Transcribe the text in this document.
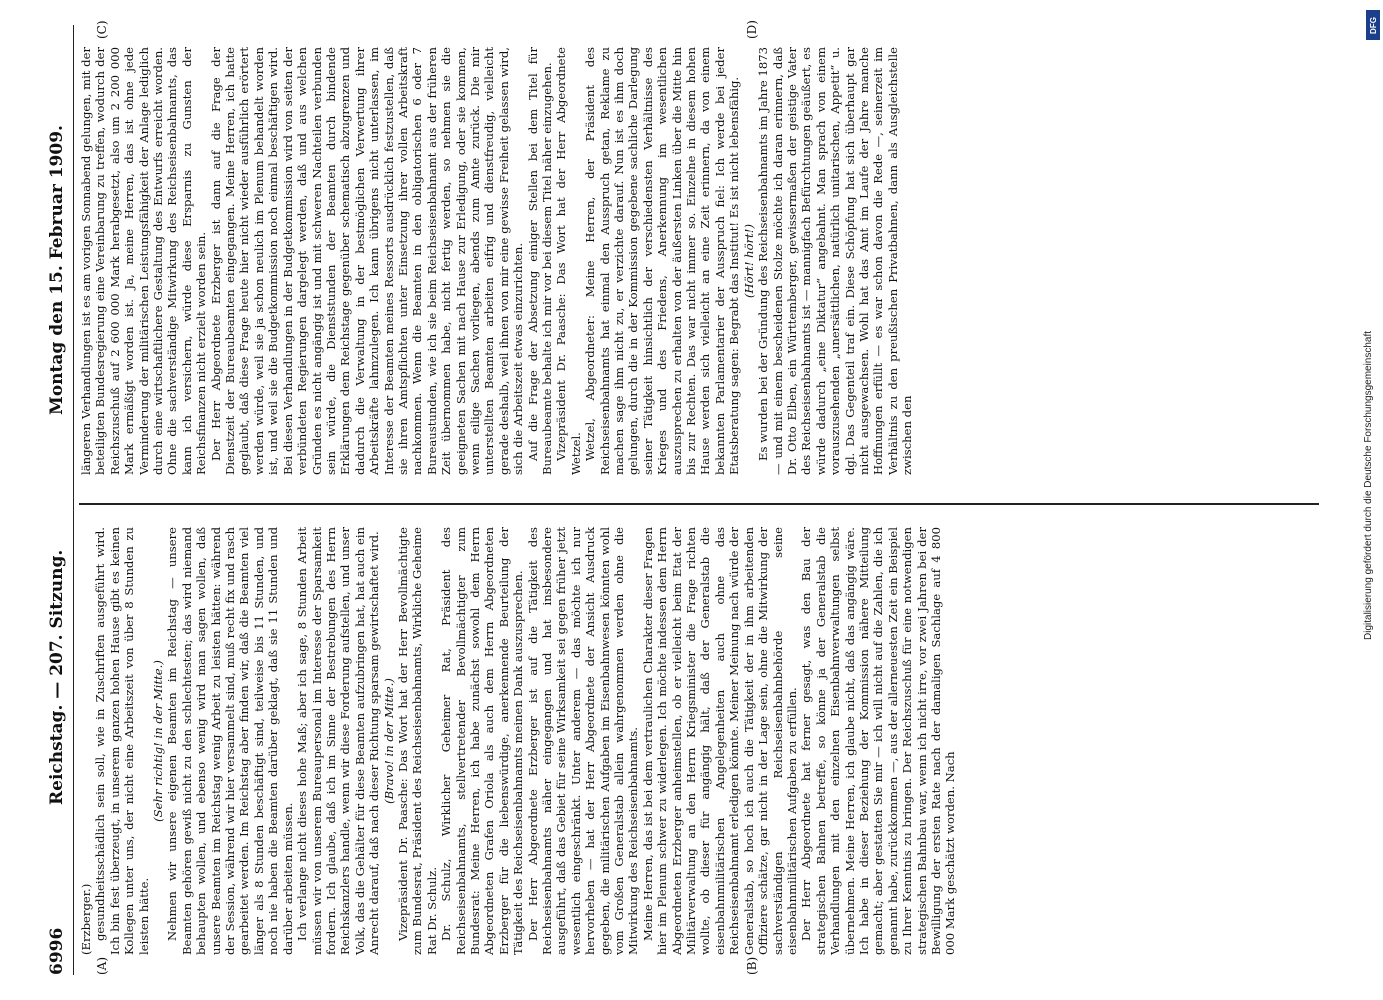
6996
Reichstag. — 207. Sitzung.
Montag den 15. Februar 1909.

(Erzberger.) gesundheitsschädlich sein soll, wie in Zuschriften ausgeführt wird. Ich bin fest überzeugt, in unserem ganzen hohen Hause gibt es keinen Kollegen unter uns, der nicht eine Arbeitszeit von über 8 Stunden zu leisten hätte.

(Sehr richtig! in der Mitte.) Nehmen wir unsere eigenen Beamten im Reichstag — unsere Beamten gehören gewiß nicht zu den schlechtesten; das wird niemand behaupten wollen, und ebenso wenig wird man sagen wollen, daß unsere Beamten im Reichstag wenig Arbeit zu leisten hätten: während der Session, während wir hier versammelt sind, muß recht fix und rasch gearbeitet werden. Im Reichstag aber finden wir, daß die Beamten viel länger als 8 Stunden beschäftigt sind, teilweise bis 11 Stunden, und noch nie haben die Beamten darüber geklagt, daß sie 11 Stunden und darüber arbeiten müssen. Ich verlange nicht dieses hohe Maß; aber ich sage, 8 Stunden Arbeit müssen wir von unserem Bureaupersonal im Interesse der Sparsamkeit fordern. Ich glaube, daß ich im Sinne der Bestrebungen des Herrn Reichskanzlers handle, wenn wir diese Forderung aufstellen, und unser Volk, das die Gehälter für diese Beamten aufzubringen hat, hat auch ein Anrecht darauf, daß nach dieser Richtung sparsam gewirtschaftet wird. (Bravo! in der Mitte.) Vizepräsident Dr. Paasche: Das Wort hat der Herr Bevollmächtigte zum Bundesrat, Präsident des Reichseisenbahnamts, Wirkliche Geheime Rat Dr. Schulz. Dr. Schulz, Wirklicher Geheimer Rat, Präsident des Reichseisenbahnamts, stellvertretender Bevollmächtigter zum Bundesrat: Meine Herren, ich habe zunächst sowohl dem Herrn Abgeordneten Grafen Oriola als auch dem Herrn Abgeordneten Erzberger für die liebenswürdige, anerkennende Beurteilung der Tätigkeit des Reichseisenbahnamts meinen Dank auszusprechen. Der Herr Abgeordnete Erzberger ist auf die Tätigkeit des Reichseisenbahnamts näher eingegangen und hat insbesondere ausgeführt, daß das Gebiet für seine Wirksamkeit sei gegen früher jetzt wesentlich eingeschränkt. Unter anderem — das möchte ich nur hervorheben — hat der Herr Abgeordnete der Ansicht Ausdruck gegeben, die militärischen Aufgaben im Eisenbahnwesen könnten wohl vom Großen Generalstab allein wahrgenommen werden ohne die Mitwirkung des Reichseisenbahnamts. Meine Herren, das ist bei dem vertraulichen Charakter dieser Fragen hier im Plenum schwer zu widerlegen. Ich möchte indessen dem Herrn Abgeordneten Erzberger anheimstellen, ob er vielleicht beim Etat der Militärverwaltung an den Herrn Kriegsminister die Frage richten wollte, ob dieser für angängig hält, daß der Generalstab die eisenbahnmilitärischen Angelegenheiten auch ohne das Reichseisenbahnamt erledigen könnte. Meiner Meinung nach würde der Generalstab, so hoch ich auch die Tätigkeit der in ihm arbeitenden Offiziere schätze, gar nicht in der Lage sein, ohne die Mitwirkung der sachverständigen Reichseisenbahnbehörde seine eisenbahnmilitärischen Aufgaben zu erfüllen. Der Herr Abgeordnete hat ferner gesagt, was den Bau der strategischen Bahnen betreffe, so könne ja der Generalstab die Verhandlungen mit den einzelnen Eisenbahnverwaltungen selbst übernehmen. Meine Herren, ich glaube nicht, daß das angängig wäre. Ich habe in dieser Beziehung der Kommission nähere Mitteilung gemacht; aber gestatten Sie mir — ich will nicht auf die Zahlen, die ich genannt habe, zurückkommen —, aus der allerneuesten Zeit ein Beispiel zu Ihrer Kenntnis zu bringen. Der Reichszuschuß für eine notwendigen strategischen Bahnbau war, wenn ich nicht irre, vor zwei Jahren bei der Bewilligung der ersten Rate nach der damaligen Sachlage auf 4 800 000 Mark geschätzt worden. Nach

längeren Verhandlungen ist es am vorigen Sonnabend gelungen, mit der beteiligten Bundesregierung eine Vereinbarung zu treffen, wodurch der Reichszuschuß auf 2 600 000 Mark herabgesetzt, also um 2 200 000 Mark ermäßigt worden ist. Ja, meine Herren, das ist ohne jede Verminderung der militärischen Leistungsfähigkeit der Anlage lediglich durch eine wirtschaftlichere Gestaltung des Entwurfs erreicht worden. Ohne die sachverständige Mitwirkung des Reichseisenbahnamts, das kann ich versichern, würde diese Ersparnis zu Gunsten der Reichsfinanzen nicht erzielt worden sein. Der Herr Abgeordnete Erzberger ist dann auf die Frage der Dienstzeit der Bureaubeamten eingegangen. Meine Herren, ich hatte geglaubt, daß diese Frage heute hier nicht wieder ausführlich erörtert werden würde, weil sie ja schon neulich im Plenum behandelt worden ist, und weil sie die Budgetkommission noch einmal beschäftigen wird. Bei diesen Verhandlungen in der Budgetkommission wird von seiten der verbündeten Regierungen dargelegt werden, daß und aus welchen Gründen es nicht angängig ist und mit schweren Nachteilen verbunden sein würde, die Dienststunden der Beamten durch bindende Erklärungen dem Reichstage gegenüber schematisch abzugrenzen und dadurch die Verwaltung in der bestmöglichen Verwertung ihrer Arbeitskräfte lahmzulegen. Ich kann übrigens nicht unterlassen, im Interesse der Beamten meines Ressorts ausdrücklich festzustellen, daß sie ihren Amtspflichten unter Einsetzung ihrer vollen Arbeitskraft nachkommen. Wenn die Beamten in den obligatorischen 6 oder 7 Bureaustunden, wie ich sie beim Reichseisenbahnamt aus der früheren Zeit übernommen habe, nicht fertig werden, so nehmen sie die geeigneten Sachen mit nach Hause zur Erledigung, oder sie kommen, wenn eilige Sachen vorliegen, abends zum Amte zurück. Die mir unterstellten Beamten arbeiten eifrig und dienstfreudig, vielleicht gerade deshalb, weil ihnen von mir eine gewisse Freiheit gelassen wird, sich die Arbeitszeit etwas einzurichten. Auf die Frage der Absetzung einiger Stellen bei dem Titel für Bureaubeamte behalte ich mir vor bei diesem Titel näher einzugehen. Vizepräsident Dr. Paasche: Das Wort hat der Herr Abgeordnete Wetzel. Wetzel, Abgeordneter: Meine Herren, der Präsident des Reichseisenbahnamts hat einmal den Ausspruch getan, Reklame zu machen sage ihm nicht zu, er verzichte darauf. Nun ist es ihm doch gelungen, durch die in der Kommission gegebene sachliche Darlegung seiner Tätigkeit hinsichtlich der verschiedensten Verhältnisse des Krieges und des Friedens, Anerkennung im wesentlichen auszusprechen zu erhalten von der äußersten Linken über die Mitte hin bis zur Rechten. Das war nicht immer so. Einzelne in diesem hohen Hause werden sich vielleicht an eine Zeit erinnern, da von einem bekannten Parlamentarier der Ausspruch fiel: Ich werde bei jeder Etatsberatung sagen: Begrabt das Institut! Es ist nicht lebensfähig. (Hört! hört!) Es wurden bei der Gründung des Reichseisenbahnamts im Jahre 1873 — und mit einem bescheidenen Stolze möchte ich daran erinnern, daß Dr. Otto Elben, ein Württemberger, gewissermaßen der geistige Vater des Reichseisenbahnamts ist — mannigfach Befürchtungen geäußert, es würde dadurch „eine Diktatur“ angebahnt. Man sprach von einem vorauszusehenden „unersättlichen, natürlich unitarischen, Appetit“ u. dgl. Das Gegenteil traf ein. Diese Schöpfung hat sich überhaupt gar nicht ausgewachsen. Wohl hat das Amt im Laufe der Jahre manche Hoffnungen erfüllt — es war schon davon die Rede —, seinerzeit im Verhältnis zu den preußischen Privatbahnen, dann als Ausgleichstelle zwischen den

(A)	(B)
(C)	(D)	DFG
Digitalisierung gefördert durch die Deutsche Forschungsgemeinschaft
